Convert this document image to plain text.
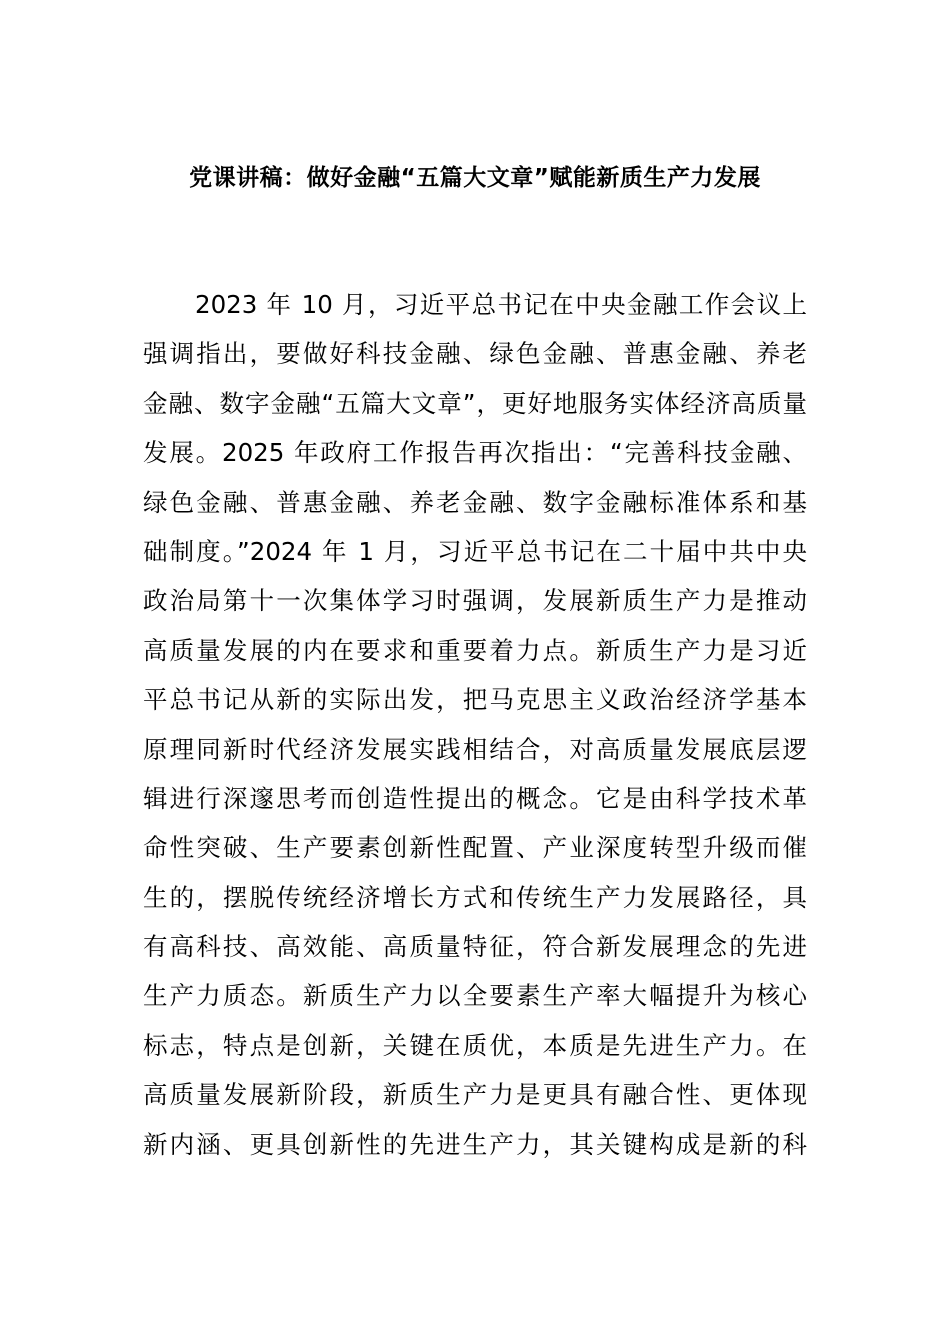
党课讲稿：做好金融“五篇大文章”赋能新质生产力发展
2023 年 10 月，习近平总书记在中央金融工作会议上
强调指出，要做好科技金融、绿色金融、普惠金融、养老
金融、数字金融“五篇大文章”，更好地服务实体经济高质量
发展。2025 年政府工作报告再次指出：“完善科技金融、
绿色金融、普惠金融、养老金融、数字金融标准体系和基
础制度。”2024 年 1 月，习近平总书记在二十届中共中央
政治局第十一次集体学习时强调，发展新质生产力是推动
高质量发展的内在要求和重要着力点。新质生产力是习近
平总书记从新的实际出发，把马克思主义政治经济学基本
原理同新时代经济发展实践相结合，对高质量发展底层逻
辑进行深邃思考而创造性提出的概念。它是由科学技术革
命性突破、生产要素创新性配置、产业深度转型升级而催
生的，摆脱传统经济增长方式和传统生产力发展路径，具
有高科技、高效能、高质量特征，符合新发展理念的先进
生产力质态。新质生产力以全要素生产率大幅提升为核心
标志，特点是创新，关键在质优，本质是先进生产力。在
高质量发展新阶段，新质生产力是更具有融合性、更体现
新内涵、更具创新性的先进生产力，其关键构成是新的科
